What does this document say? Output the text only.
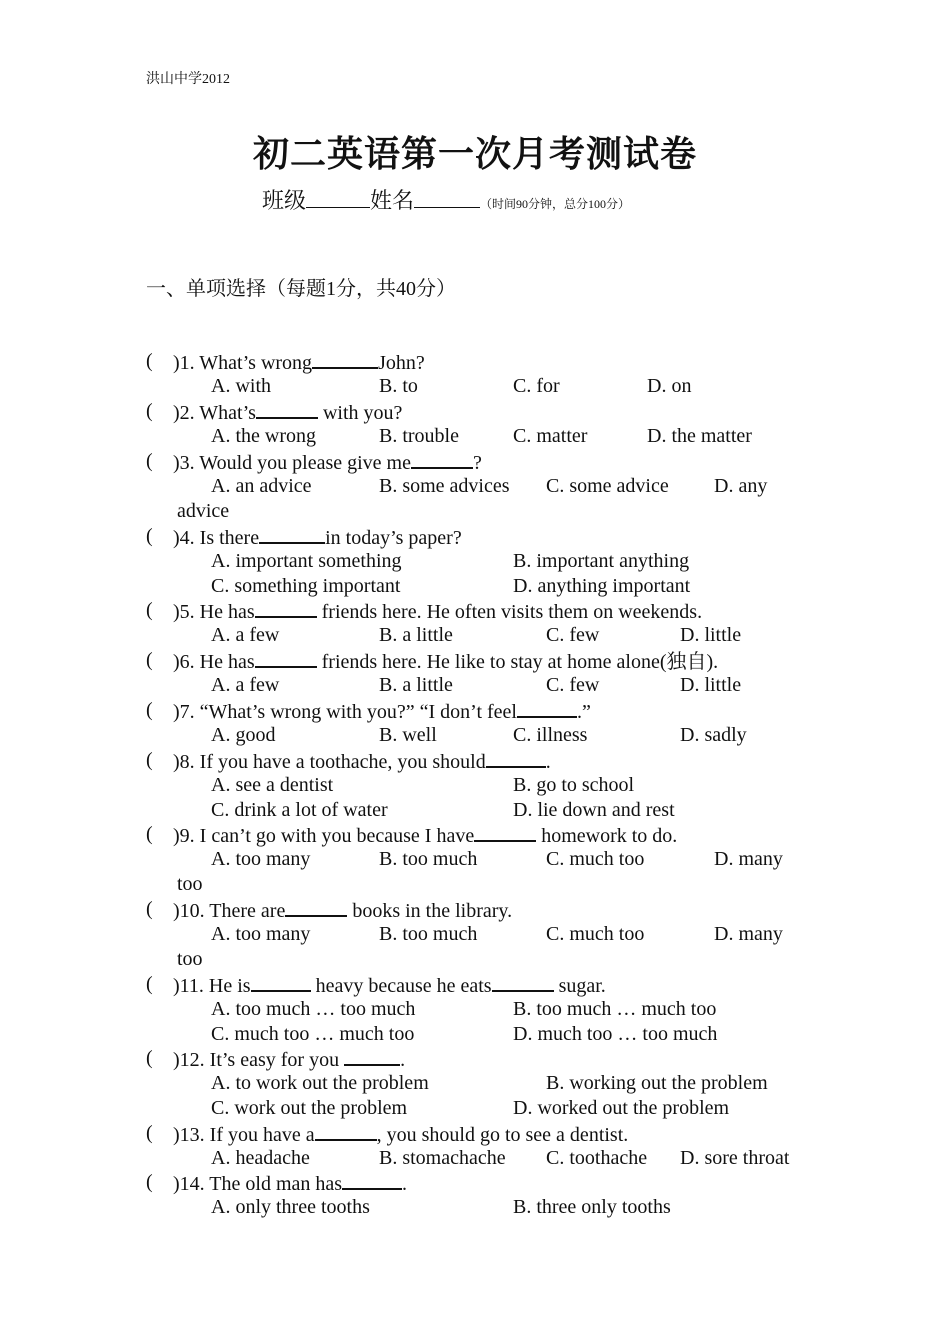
洪山中学2012
初二英语第一次月考测试卷
班级	姓名	（时间90分钟，总分100分）
一、单项选择（每题1分，共40分）
( )1. What’s wrong	John?
A. with	B. to	C. for	D. on
( )2. What’s	with you?
A. the wrong	B. trouble	C. matter	D. the matter
( )3. Would you please give me	?
A. an advice	B. some advices C. some advice D. any
advice
( )4. Is there	in today’s paper?
A. important something	B. important anything
C. something important	D. anything important
( )5. He has	friends here. He often visits them on weekends.
A. a few	B. a little	C. few	D. little
( )6. He has	friends here. He like to stay at home alone(独自).
A. a few	B. a little	C. few	D. little
( )7. “What’s wrong with you?” “I don’t feel	.”
A. good	B. well	C. illness	D. sadly
( )8. If you have a toothache, you should	.
A. see a dentist	B. go to school
C. drink a lot of water	D. lie down and rest
( )9. I can’t go with you because I have	homework to do.
A. too many	B. too much	C. much too	D. many
too
( )10. There are	books in the library.
A. too many	B. too much	C. much too	D. many
too
( )11. He is	heavy because he eats	sugar.
A. too much … too much	B. too much … much too
C. much too … much too	D. much too … too much
( )12. It’s easy for you	.
A. to work out the problem	B. working out the problem
C. work out the problem	D. worked out the problem
( )13. If you have a	, you should go to see a dentist.
A. headache	B. stomachache C. toothache D. sore throat
( )14. The old man has	.
A. only three tooths	B. three only tooths
